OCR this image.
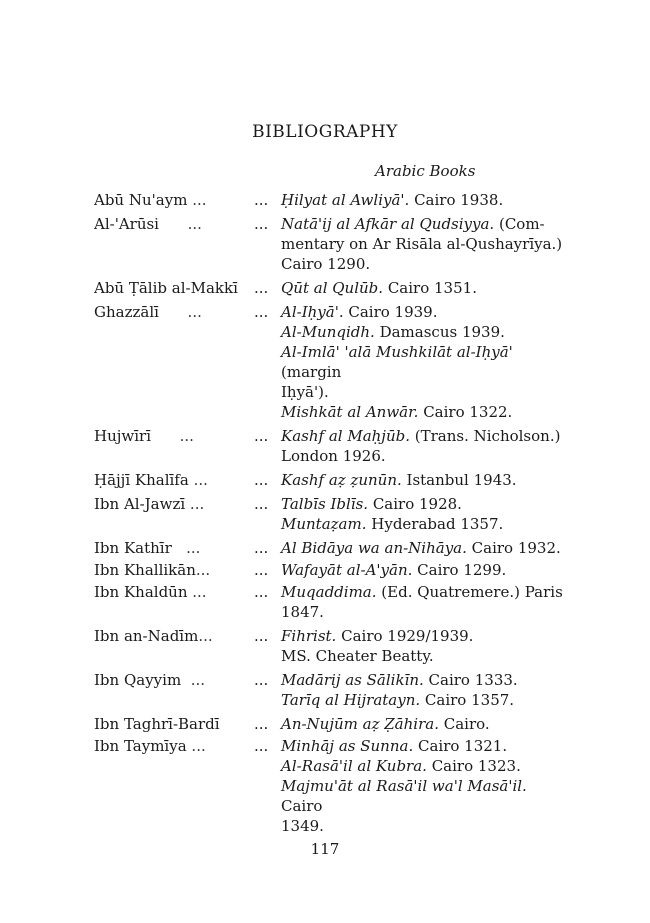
BIBLIOGRAPHY
Arabic Books
Abū Nu'aym ...	... Ḥilyat al Awliyā'. Cairo 1938.
Al-'Arūsi      ...	... Natā'ij al Afkār al Qudsiyya. (Com-
mentary on Ar Risāla al-Qushayrīya.)
Cairo 1290.
Abū Ṭālib al-Makkī	... Qūt al Qulūb. Cairo 1351.
Ghazzālī      ...	... Al-Iḥyā'. Cairo 1939.
Al-Munqidh. Damascus 1939.
Al-Imlā' 'alā Mushkilāt al-Iḥyā' (margin
Iḥyā').
Mishkāt al Anwār. Cairo 1322.
Hujwīrī      ...	... Kashf al Maḥjūb. (Trans. Nicholson.)
London 1926.
Ḥājjī Khalīfa ...	... Kashf aẓ ẓunūn. Istanbul 1943.
Ibn Al-Jawzī ...	... Talbīs Iblīs. Cairo 1928.
Muntaẓam. Hyderabad 1357.
Ibn Kathīr   ...	... Al Bidāya wa an-Nihāya. Cairo 1932.
Ibn Khallikān...	... Wafayāt al-A'yān. Cairo 1299.
Ibn Khaldūn ...	... Muqaddima. (Ed. Quatremere.) Paris
1847.
Ibn an-Nadīm...	... Fihrist. Cairo 1929/1939.
MS. Cheater Beatty.
Ibn Qayyim  ...	... Madārij as Sālikīn. Cairo 1333.
Tarīq al Hijratayn. Cairo 1357.
Ibn Taghrī-Bardī	... An-Nujūm aẓ Ẓāhira. Cairo.
Ibn Taymīya ...	... Minhāj as Sunna. Cairo 1321.
Al-Rasā'il al Kubra. Cairo 1323.
Majmu'āt al Rasā'il wa'l Masā'il. Cairo
1349.
117
